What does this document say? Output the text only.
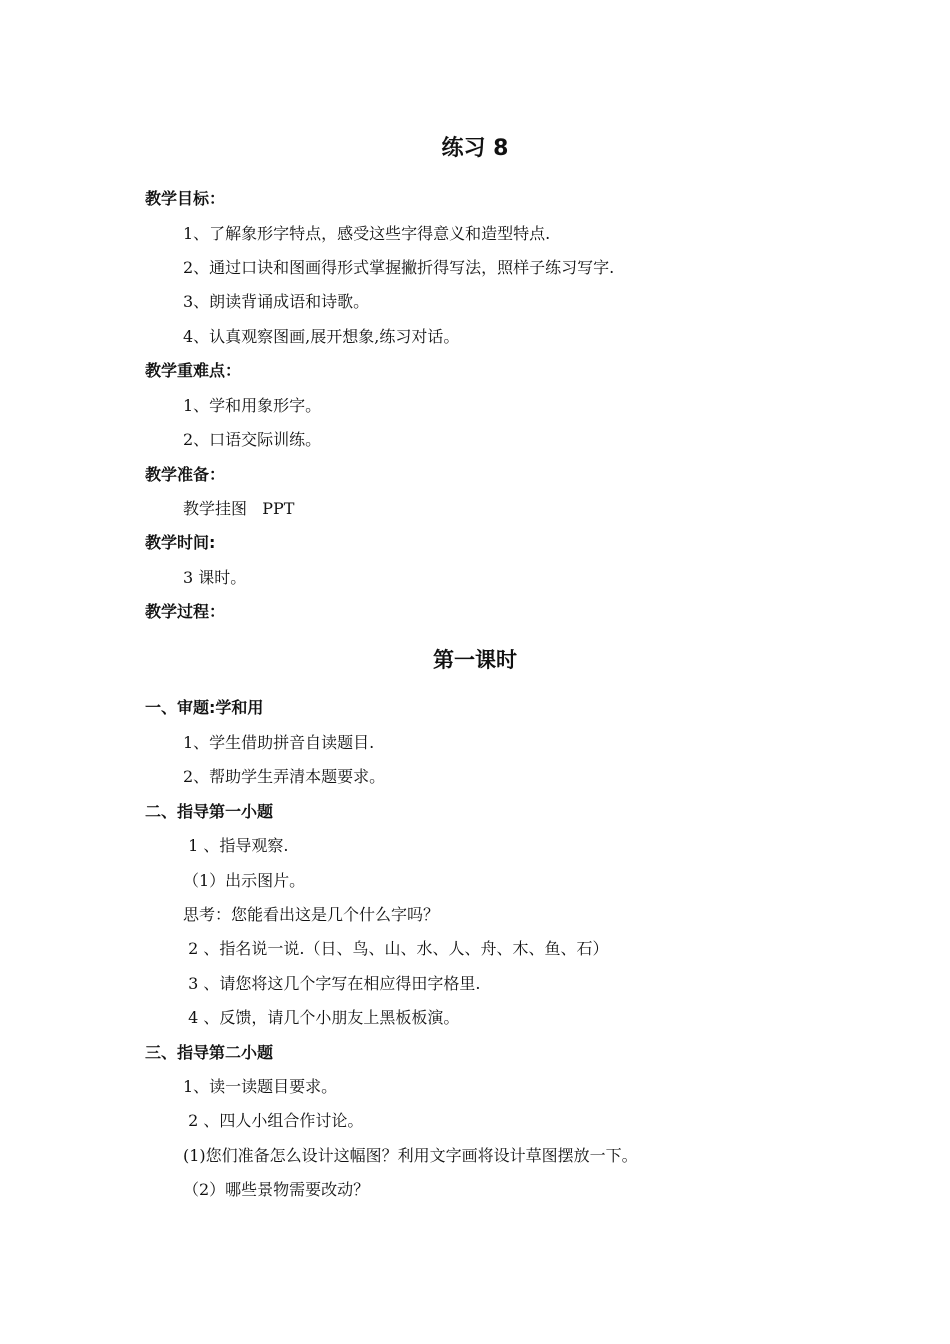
练习 8

教学目标：

1、了解象形字特点，感受这些字得意义和造型特点.

2、通过口诀和图画得形式掌握撇折得写法，照样子练习写字.

3、朗读背诵成语和诗歌。

4、认真观察图画,展开想象,练习对话。

教学重难点：

1、学和用象形字。

2、口语交际训练。

教学准备：

教学挂图   PPT

教学时间:

3 课时。

教学过程：

第一课时

一、审题:学和用

1、学生借助拼音自读题目.

2、帮助学生弄清本题要求。

二、指导第一小题

1 、指导观察.

（1）出示图片。

思考：您能看出这是几个什么字吗？

2 、指名说一说.（日、鸟、山、水、人、舟、木、鱼、石）

3 、请您将这几个字写在相应得田字格里.

4 、反馈，请几个小朋友上黑板板演。

三、指导第二小题

1、读一读题目要求。

2 、四人小组合作讨论。

(1)您们准备怎么设计这幅图？利用文字画将设计草图摆放一下。

（2）哪些景物需要改动？
